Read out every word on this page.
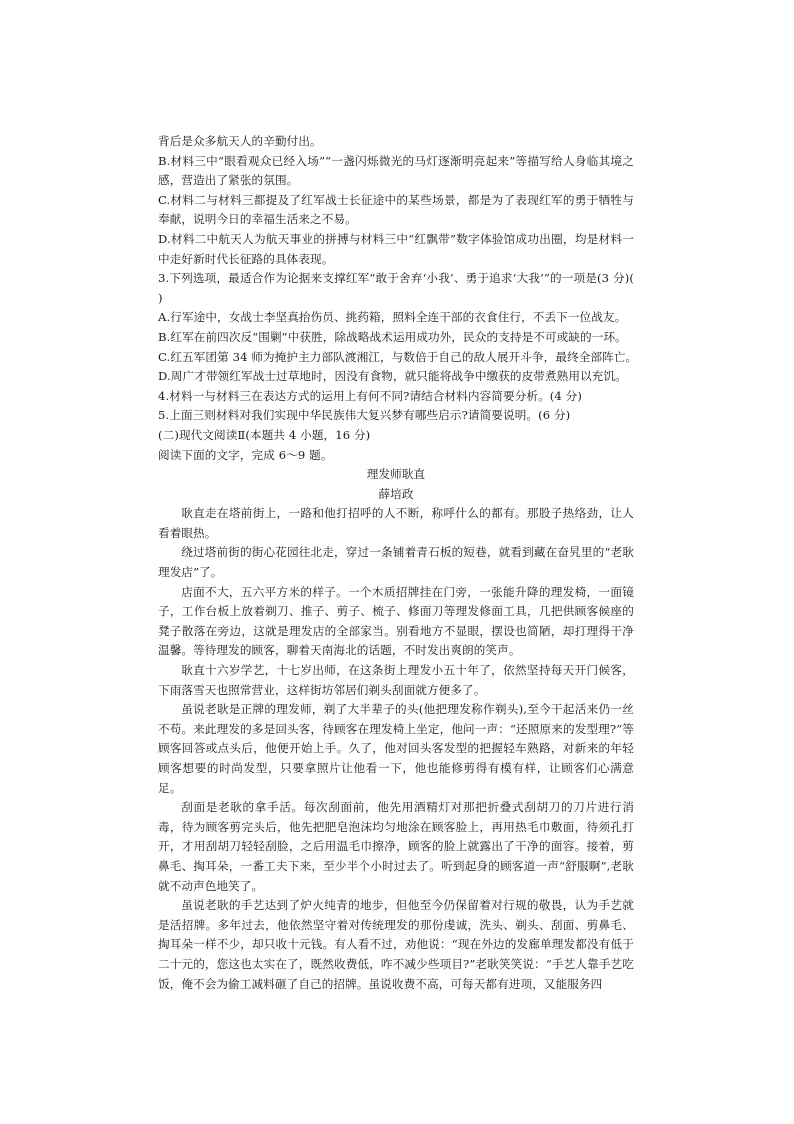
背后是众多航天人的辛勤付出。
B.材料三中“眼看观众已经入场”“一盏闪烁微光的马灯逐渐明亮起来”等描写给人身临其境之感，营造出了紧张的氛围。
C.材料二与材料三都提及了红军战士长征途中的某些场景，都是为了表现红军的勇于牺牲与奉献，说明今日的幸福生活来之不易。
D.材料二中航天人为航天事业的拼搏与材料三中“红飘带”数字体验馆成功出圈，均是材料一中走好新时代长征路的具体表现。
3.下列选项，最适合作为论据来支撑红军“敢于舍弃‘小我’、勇于追求‘大我’”的一项是(3 分)( )
A.行军途中，女战士李坚真抬伤员、挑药箱，照料全连干部的衣食住行，不丢下一位战友。
B.红军在前四次反“围剿”中获胜，除战略战术运用成功外，民众的支持是不可或缺的一环。
C.红五军团第 34 师为掩护主力部队渡湘江，与数倍于自己的敌人展开斗争，最终全部阵亡。
D.周广才带领红军战士过草地时，因没有食物，就只能将战争中缴获的皮带煮熟用以充饥。
4.材料一与材料三在表达方式的运用上有何不同?请结合材料内容简要分析。(4 分)
5.上面三则材料对我们实现中华民族伟大复兴梦有哪些启示?请简要说明。(6 分)
(二)现代文阅读Ⅱ(本题共 4 小题，16 分)
阅读下面的文字，完成 6～9 题。
理发师耿直
薛培政
耿直走在塔前街上，一路和他打招呼的人不断，称呼什么的都有。那股子热络劲，让人看着眼热。
绕过塔前街的街心花园往北走，穿过一条铺着青石板的短巷，就看到藏在奋旯里的“老耿理发店”了。
店面不大，五六平方米的样子。一个木质招牌挂在门旁，一张能升降的理发椅，一面镜子，工作台板上放着剃刀、推子、剪子、梳子、修面刀等理发修面工具，几把供顾客候座的凳子散落在旁边，这就是理发店的全部家当。别看地方不显眼，摆设也简陋，却打理得干净温馨。等待理发的顾客，聊着天南海北的话题，不时发出爽朗的笑声。
耿直十六岁学艺，十七岁出师，在这条街上理发小五十年了，依然坚持每天开门候客，下雨落雪天也照常营业，这样街坊邻居们剃头刮面就方便多了。
虽说老耿是正牌的理发师，剃了大半辈子的头(他把理发称作剃头),至今干起活来仍一丝不苟。来此理发的多是回头客，待顾客在理发椅上坐定，他问一声：“还照原来的发型理?”等顾客回答或点头后，他便开始上手。久了，他对回头客发型的把握轻车熟路，对新来的年轻顾客想要的时尚发型，只要拿照片让他看一下，他也能修剪得有模有样，让顾客们心满意足。
刮面是老耿的拿手活。每次刮面前，他先用酒精灯对那把折叠式刮胡刀的刀片进行消毒，待为顾客剪完头后，他先把肥皂泡沫均匀地涂在顾客脸上，再用热毛巾敷面，待须孔打开，才用刮胡刀轻轻刮脸，之后用温毛巾擦净，顾客的脸上就露出了干净的面容。接着，剪鼻毛、掏耳朵，一番工夫下来，至少半个小时过去了。听到起身的顾客道一声“舒服啊”,老耿就不动声色地笑了。
虽说老耿的手艺达到了炉火纯青的地步，但他至今仍保留着对行规的敬畏，认为手艺就是活招牌。多年过去，他依然坚守着对传统理发的那份虔诚，洗头、剃头、刮面、剪鼻毛、掏耳朵一样不少，却只收十元钱。有人看不过，劝他说：“现在外边的发廊单理发都没有低于二十元的，您这也太实在了，既然收费低，咋不减少些项目?”老耿笑笑说：“手艺人靠手艺吃饭，俺不会为偷工减料砸了自己的招牌。虽说收费不高，可每天都有进项，又能服务四
